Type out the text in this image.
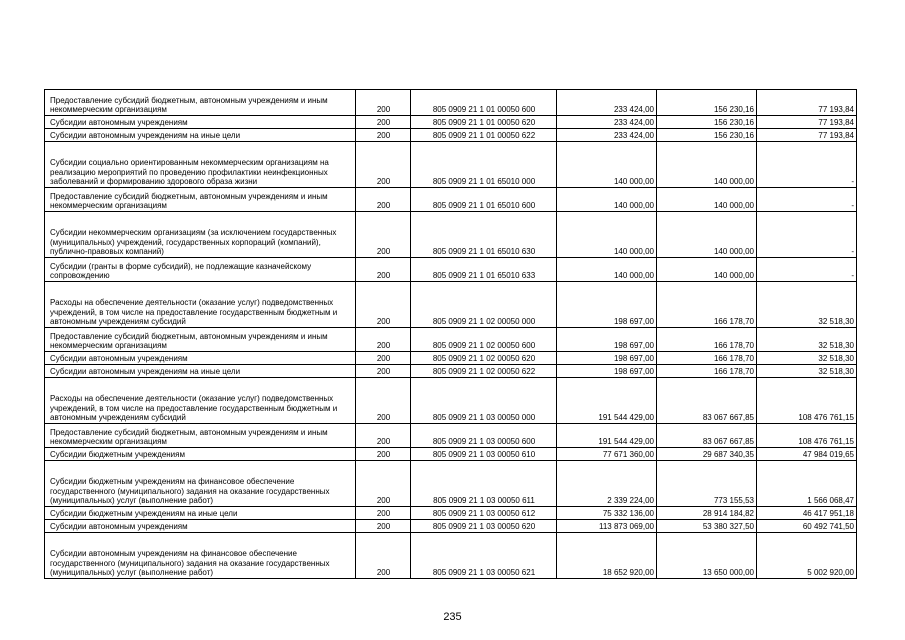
Предоставление субсидий бюджетным, автономным учреждениям и иным некоммерческим организациям	200	805 0909 21 1 01 00050 600	233 424,00	156 230,16	77 193,84
Субсидии автономным учреждениям	200	805 0909 21 1 01 00050 620	233 424,00	156 230,16	77 193,84
Субсидии автономным учреждениям на иные цели	200	805 0909 21 1 01 00050 622	233 424,00	156 230,16	77 193,84
Субсидии социально ориентированным некоммерческим организациям на реализацию мероприятий по проведению профилактики неинфекционных заболеваний и формированию здорового образа жизни	200	805 0909 21 1 01 65010 000	140 000,00	140 000,00	-
Предоставление субсидий бюджетным, автономным учреждениям и иным некоммерческим организациям	200	805 0909 21 1 01 65010 600	140 000,00	140 000,00	-
Субсидии некоммерческим организациям (за исключением государственных (муниципальных) учреждений, государственных корпораций (компаний), публично-правовых компаний)	200	805 0909 21 1 01 65010 630	140 000,00	140 000,00	-
Субсидии (гранты в форме субсидий), не подлежащие казначейскому сопровождению	200	805 0909 21 1 01 65010 633	140 000,00	140 000,00	-
Расходы на обеспечение деятельности (оказание услуг) подведомственных учреждений, в том числе на предоставление государственным бюджетным и автономным учреждениям субсидий	200	805 0909 21 1 02 00050 000	198 697,00	166 178,70	32 518,30
Предоставление субсидий бюджетным, автономным учреждениям и иным некоммерческим организациям	200	805 0909 21 1 02 00050 600	198 697,00	166 178,70	32 518,30
Субсидии автономным учреждениям	200	805 0909 21 1 02 00050 620	198 697,00	166 178,70	32 518,30
Субсидии автономным учреждениям на иные цели	200	805 0909 21 1 02 00050 622	198 697,00	166 178,70	32 518,30
Расходы на обеспечение деятельности (оказание услуг) подведомственных учреждений, в том числе на предоставление государственным бюджетным и автономным учреждениям субсидий	200	805 0909 21 1 03 00050 000	191 544 429,00	83 067 667,85	108 476 761,15
Предоставление субсидий бюджетным, автономным учреждениям и иным некоммерческим организациям	200	805 0909 21 1 03 00050 600	191 544 429,00	83 067 667,85	108 476 761,15
Субсидии бюджетным учреждениям	200	805 0909 21 1 03 00050 610	77 671 360,00	29 687 340,35	47 984 019,65
Субсидии бюджетным учреждениям на финансовое обеспечение государственного (муниципального) задания на оказание государственных (муниципальных) услуг (выполнение работ)	200	805 0909 21 1 03 00050 611	2 339 224,00	773 155,53	1 566 068,47
Субсидии бюджетным учреждениям на иные цели	200	805 0909 21 1 03 00050 612	75 332 136,00	28 914 184,82	46 417 951,18
Субсидии автономным учреждениям	200	805 0909 21 1 03 00050 620	113 873 069,00	53 380 327,50	60 492 741,50
Субсидии автономным учреждениям на финансовое обеспечение государственного (муниципального) задания на оказание государственных (муниципальных) услуг (выполнение работ)	200	805 0909 21 1 03 00050 621	18 652 920,00	13 650 000,00	5 002 920,00
235
